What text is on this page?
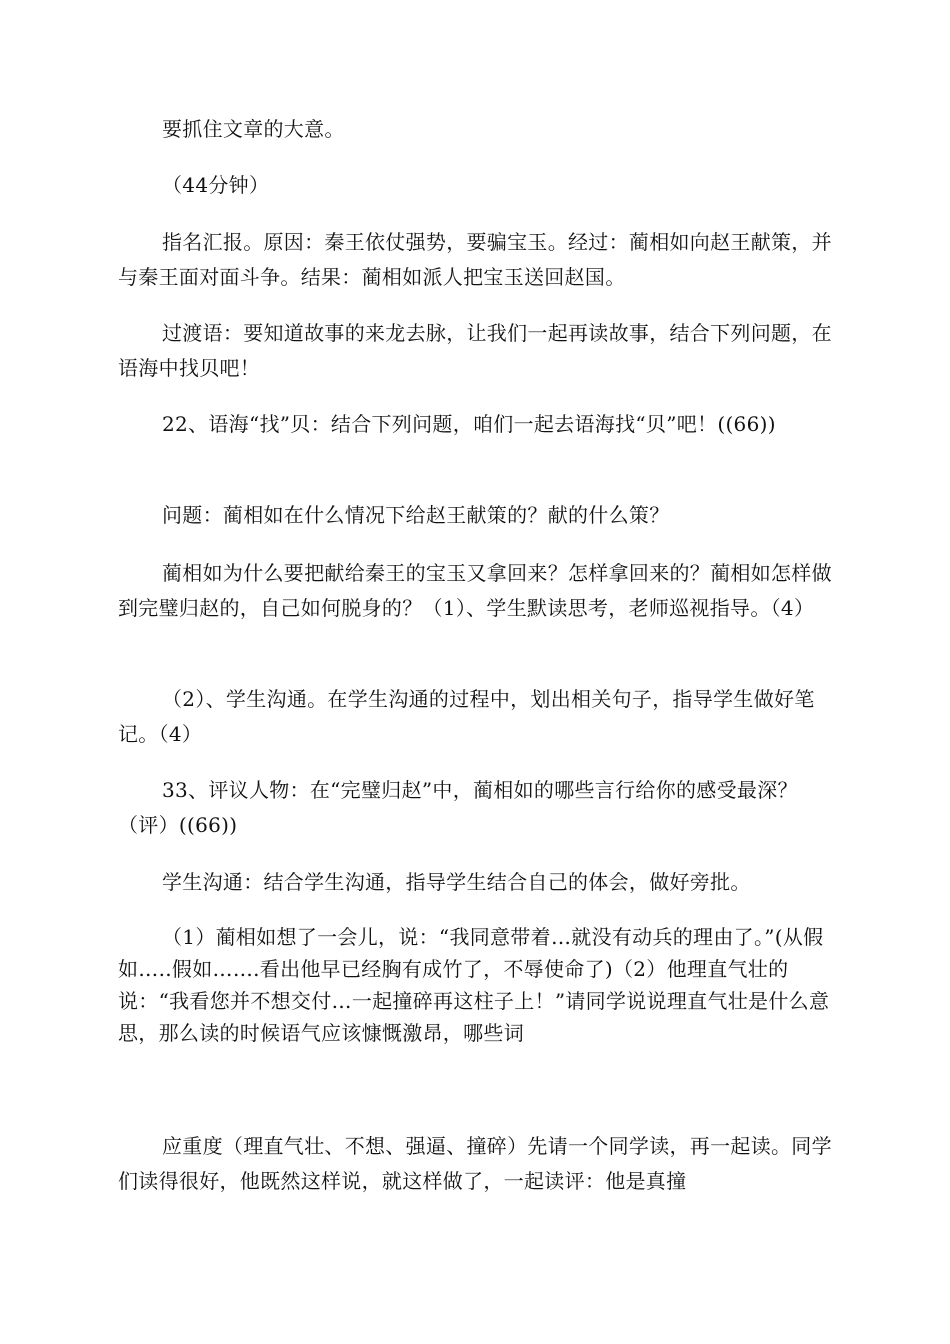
要抓住文章的大意。

（44分钟）

指名汇报。原因：秦王依仗强势，要骗宝玉。经过：蔺相如向赵王献策，并与秦王面对面斗争。结果：蔺相如派人把宝玉送回赵国。

过渡语：要知道故事的来龙去脉，让我们一起再读故事，结合下列问题，在语海中找贝吧！

22、语海“找”贝：结合下列问题，咱们一起去语海找“贝”吧！((66))

问题：蔺相如在什么情况下给赵王献策的？献的什么策？

蔺相如为什么要把献给秦王的宝玉又拿回来？怎样拿回来的？蔺相如怎样做到完璧归赵的，自己如何脱身的？（1）、学生默读思考，老师巡视指导。（4）

（2）、学生沟通。在学生沟通的过程中，划出相关句子，指导学生做好笔记。（4）

33、评议人物：在“完璧归赵”中，蔺相如的哪些言行给你的感受最深？（评）((66))

学生沟通：结合学生沟通，指导学生结合自己的体会，做好旁批。

（1）蔺相如想了一会儿，说：“我同意带着…就没有动兵的理由了。”(从假如…..假如…….看出他早已经胸有成竹了，不辱使命了)（2）他理直气壮的说：“我看您并不想交付…一起撞碎再这柱子上！”请同学说说理直气壮是什么意思，那么读的时候语气应该慷慨激昂，哪些词

应重度（理直气壮、不想、强逼、撞碎）先请一个同学读，再一起读。同学们读得很好，他既然这样说，就这样做了，一起读评：他是真撞
